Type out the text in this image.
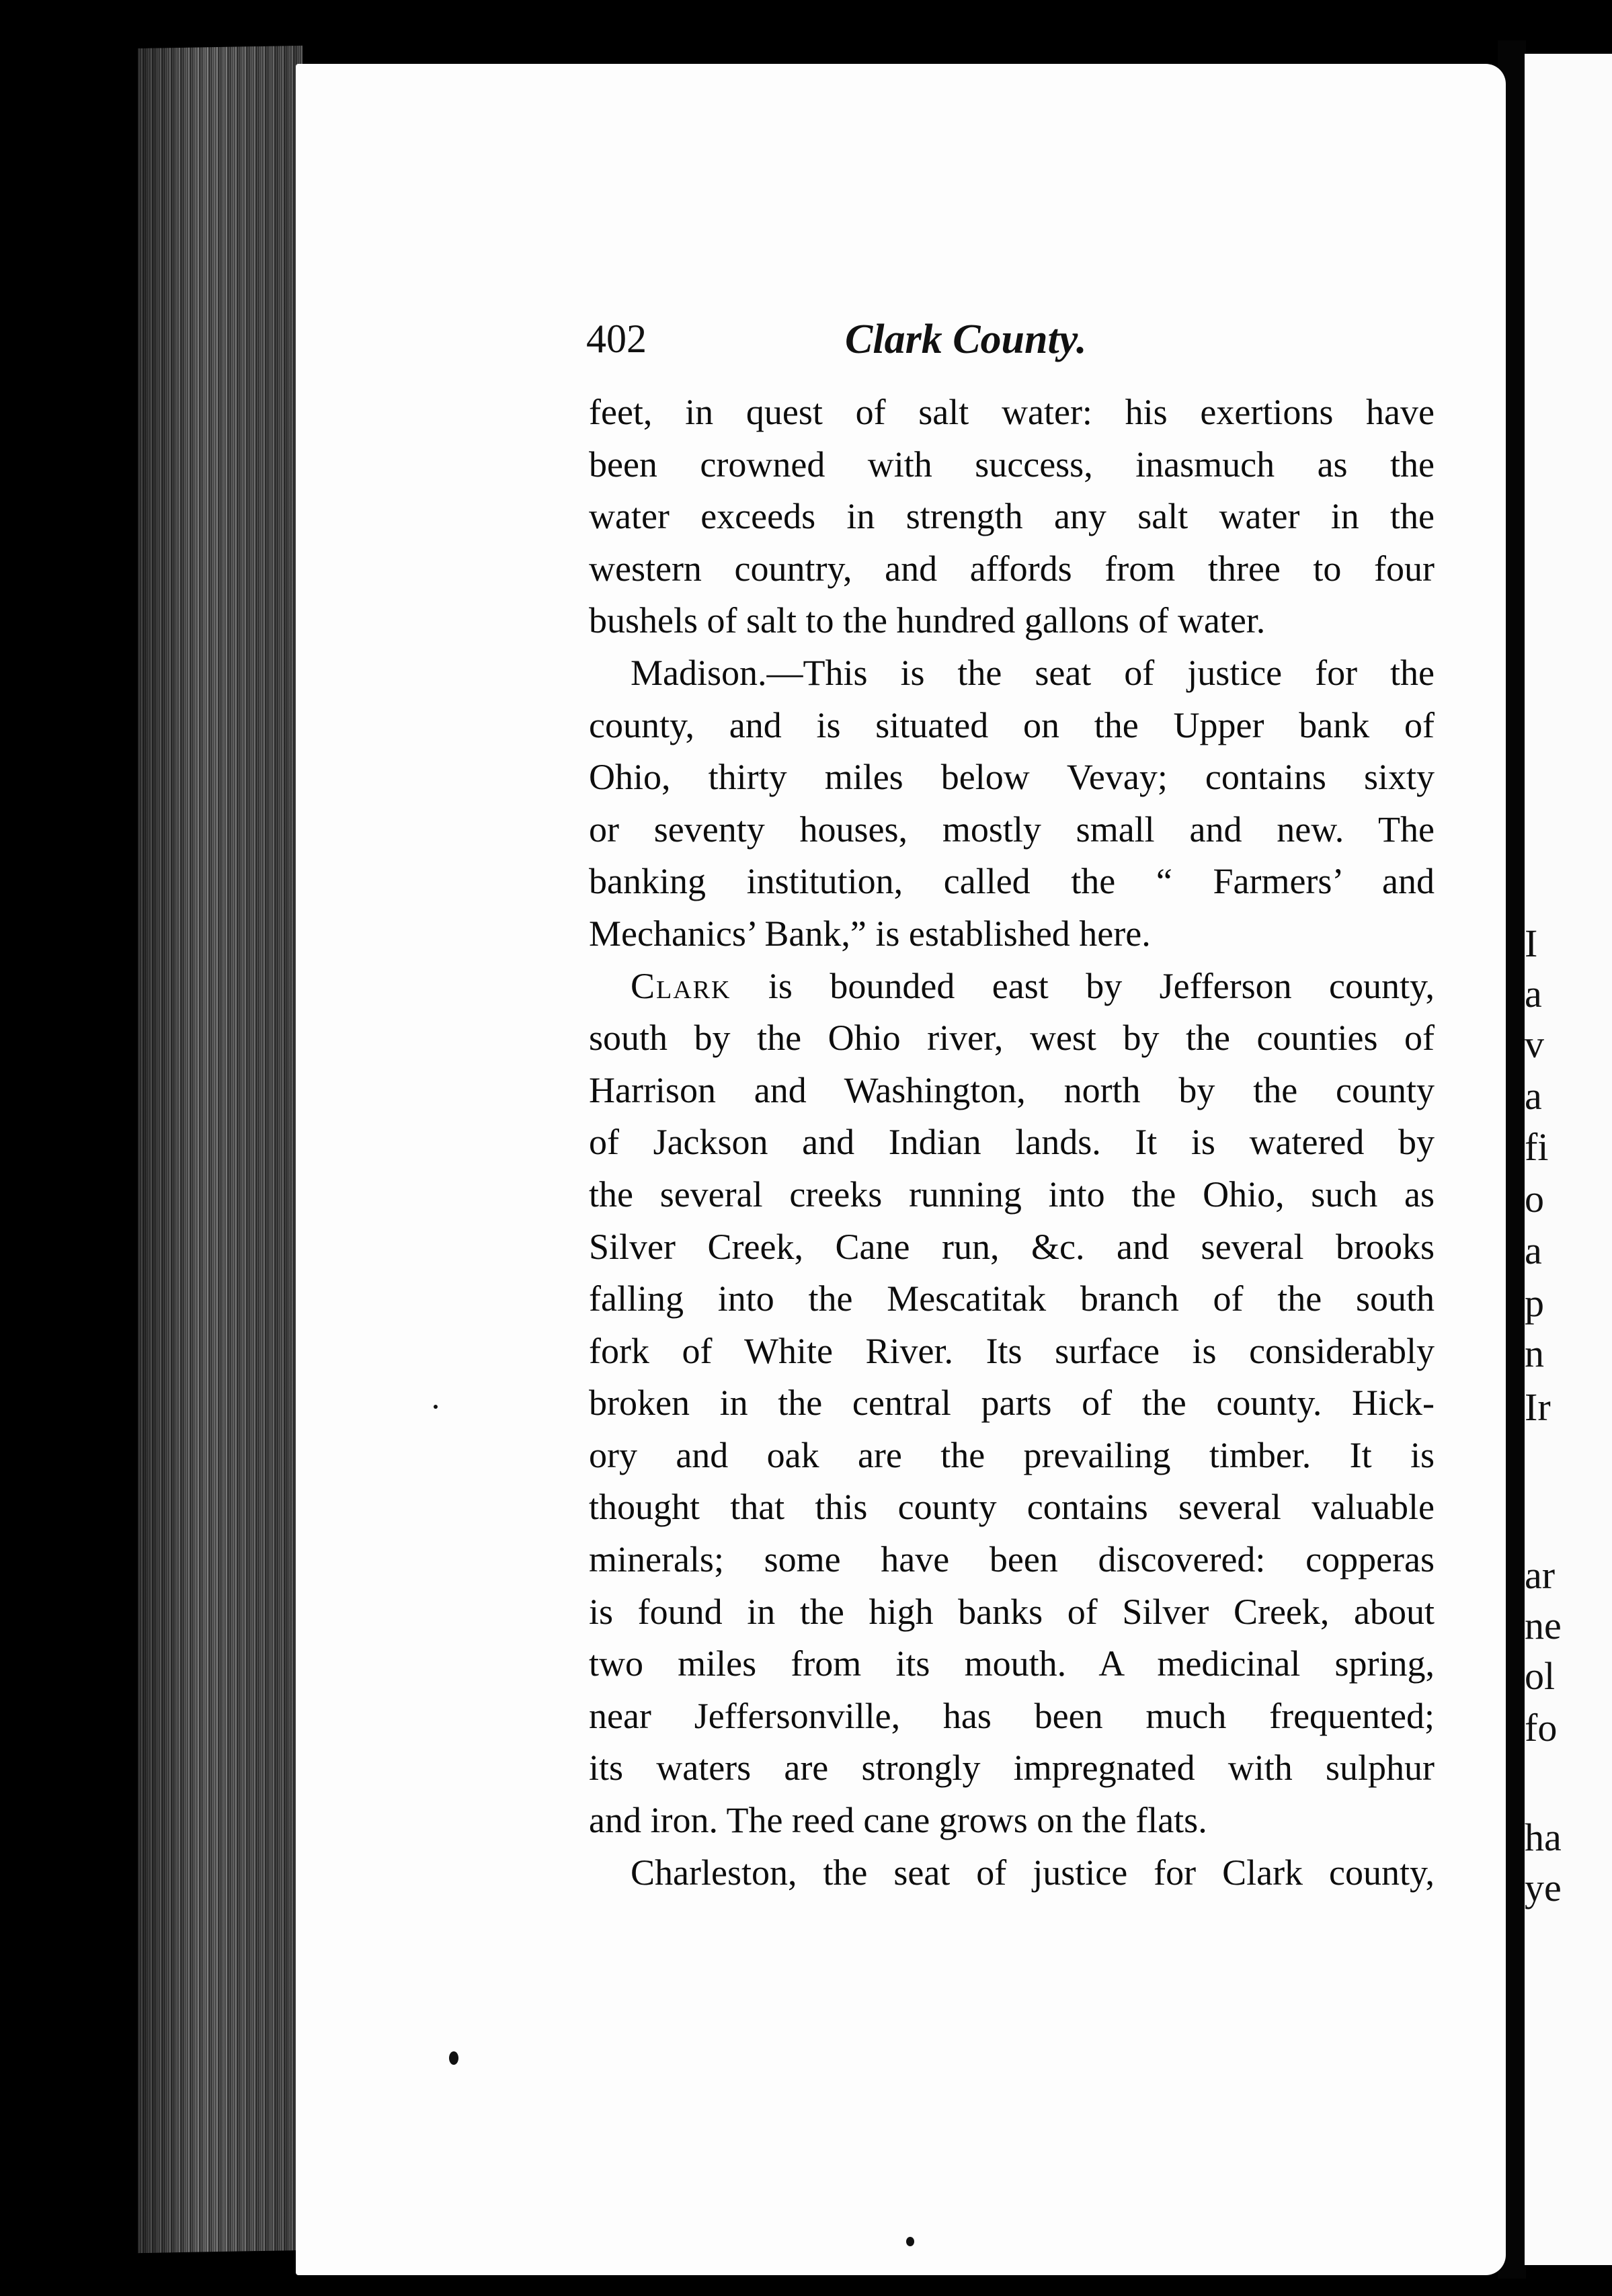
I
a
v
a
fi
o
a
p
n
Ir
ar
ne
ol
fo
ha
ye
402	Clark County.
feet, in quest of salt water: his exertions have
been crowned with success, inasmuch as the
water exceeds in strength any salt water in the
western country, and affords from three to four
bushels of salt to the hundred gallons of water.
Madison.—This is the seat of justice for the
county, and is situated on the Upper bank of
Ohio, thirty miles below Vevay; contains sixty
or seventy houses, mostly small and new. The
banking institution, called the “ Farmers’ and
Mechanics’ Bank,” is established here.
Clark is bounded east by Jefferson county,
south by the Ohio river, west by the counties of
Harrison and Washington, north by the county
of Jackson and Indian lands. It is watered by
the several creeks running into the Ohio, such as
Silver Creek, Cane run, &c. and several brooks
falling into the Mescatitak branch of the south
fork of White River. Its surface is considerably
broken in the central parts of the county. Hick-
ory and oak are the prevailing timber. It is
thought that this county contains several valuable
minerals; some have been discovered: copperas
is found in the high banks of Silver Creek, about
two miles from its mouth. A medicinal spring,
near Jeffersonville, has been much frequented;
its waters are strongly impregnated with sulphur
and iron. The reed cane grows on the flats.
Charleston, the seat of justice for Clark county,
